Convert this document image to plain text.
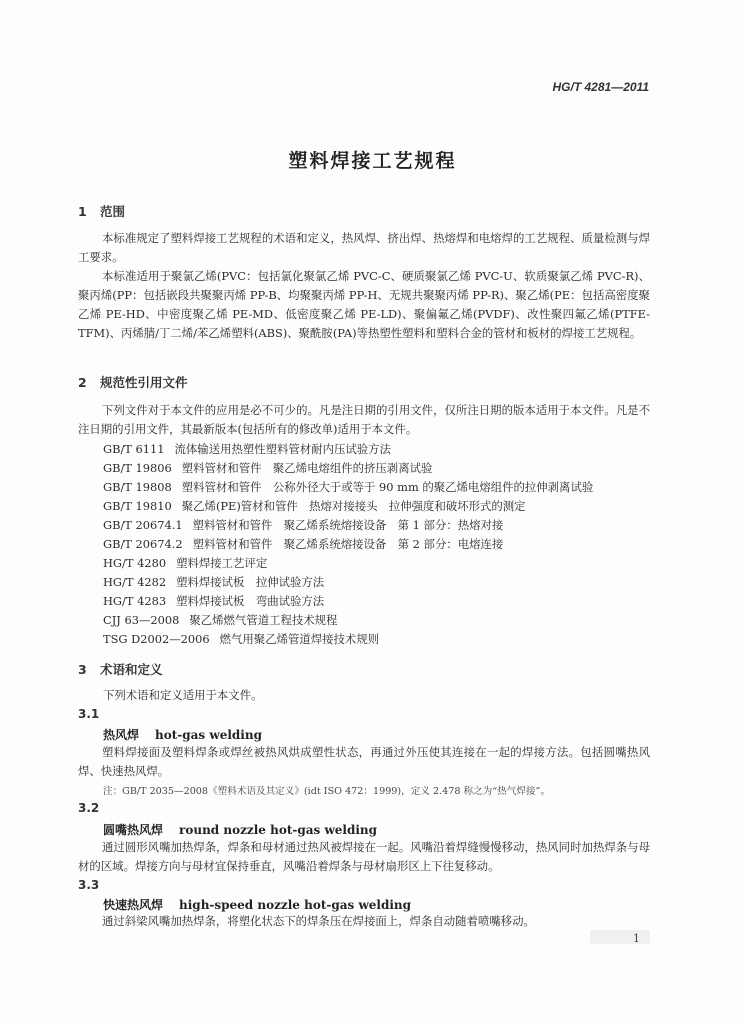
HG/T 4281—2011
塑料焊接工艺规程
1 范围
本标准规定了塑料焊接工艺规程的术语和定义，热风焊、挤出焊、热熔焊和电熔焊的工艺规程、质量检测与焊工要求。
本标准适用于聚氯乙烯(PVC：包括氯化聚氯乙烯 PVC-C、硬质聚氯乙烯 PVC-U、软质聚氯乙烯 PVC-R)、聚丙烯(PP：包括嵌段共聚聚丙烯 PP-B、均聚聚丙烯 PP-H、无规共聚聚丙烯 PP-R)、聚乙烯(PE：包括高密度聚乙烯 PE-HD、中密度聚乙烯 PE-MD、低密度聚乙烯 PE-LD)、聚偏氟乙烯(PVDF)、改性聚四氟乙烯(PTFE-TFM)、丙烯腈/丁二烯/苯乙烯塑料(ABS)、聚酰胺(PA)等热塑性塑料和塑料合金的管材和板材的焊接工艺规程。
2 规范性引用文件
下列文件对于本文件的应用是必不可少的。凡是注日期的引用文件，仅所注日期的版本适用于本文件。凡是不注日期的引用文件，其最新版本(包括所有的修改单)适用于本文件。
GB/T 6111 流体输送用热塑性塑料管材耐内压试验方法
GB/T 19806 塑料管材和管件　聚乙烯电熔组件的挤压剥离试验
GB/T 19808 塑料管材和管件　公称外径大于或等于 90 mm 的聚乙烯电熔组件的拉伸剥离试验
GB/T 19810 聚乙烯(PE)管材和管件　热熔对接接头　拉伸强度和破坏形式的测定
GB/T 20674.1 塑料管材和管件　聚乙烯系统熔接设备　第 1 部分：热熔对接
GB/T 20674.2 塑料管材和管件　聚乙烯系统熔接设备　第 2 部分：电熔连接
HG/T 4280 塑料焊接工艺评定
HG/T 4282 塑料焊接试板　拉伸试验方法
HG/T 4283 塑料焊接试板　弯曲试验方法
CJJ 63—2008 聚乙烯燃气管道工程技术规程
TSG D2002—2006 燃气用聚乙烯管道焊接技术规则
3 术语和定义
下列术语和定义适用于本文件。
3.1
热风焊 hot-gas welding
塑料焊接面及塑料焊条或焊丝被热风烘成塑性状态，再通过外压使其连接在一起的焊接方法。包括圆嘴热风焊、快速热风焊。
注：GB/T 2035—2008《塑料术语及其定义》(idt ISO 472：1999)，定义 2.478 称之为“热气焊接”。
3.2
圆嘴热风焊 round nozzle hot-gas welding
通过圆形风嘴加热焊条，焊条和母材通过热风被焊接在一起。风嘴沿着焊缝慢慢移动，热风同时加热焊条与母材的区域。焊接方向与母材宜保持垂直，风嘴沿着焊条与母材扇形区上下往复移动。
3.3
快速热风焊 high-speed nozzle hot-gas welding
通过斜梁风嘴加热焊条，将塑化状态下的焊条压在焊接面上，焊条自动随着喷嘴移动。
1
